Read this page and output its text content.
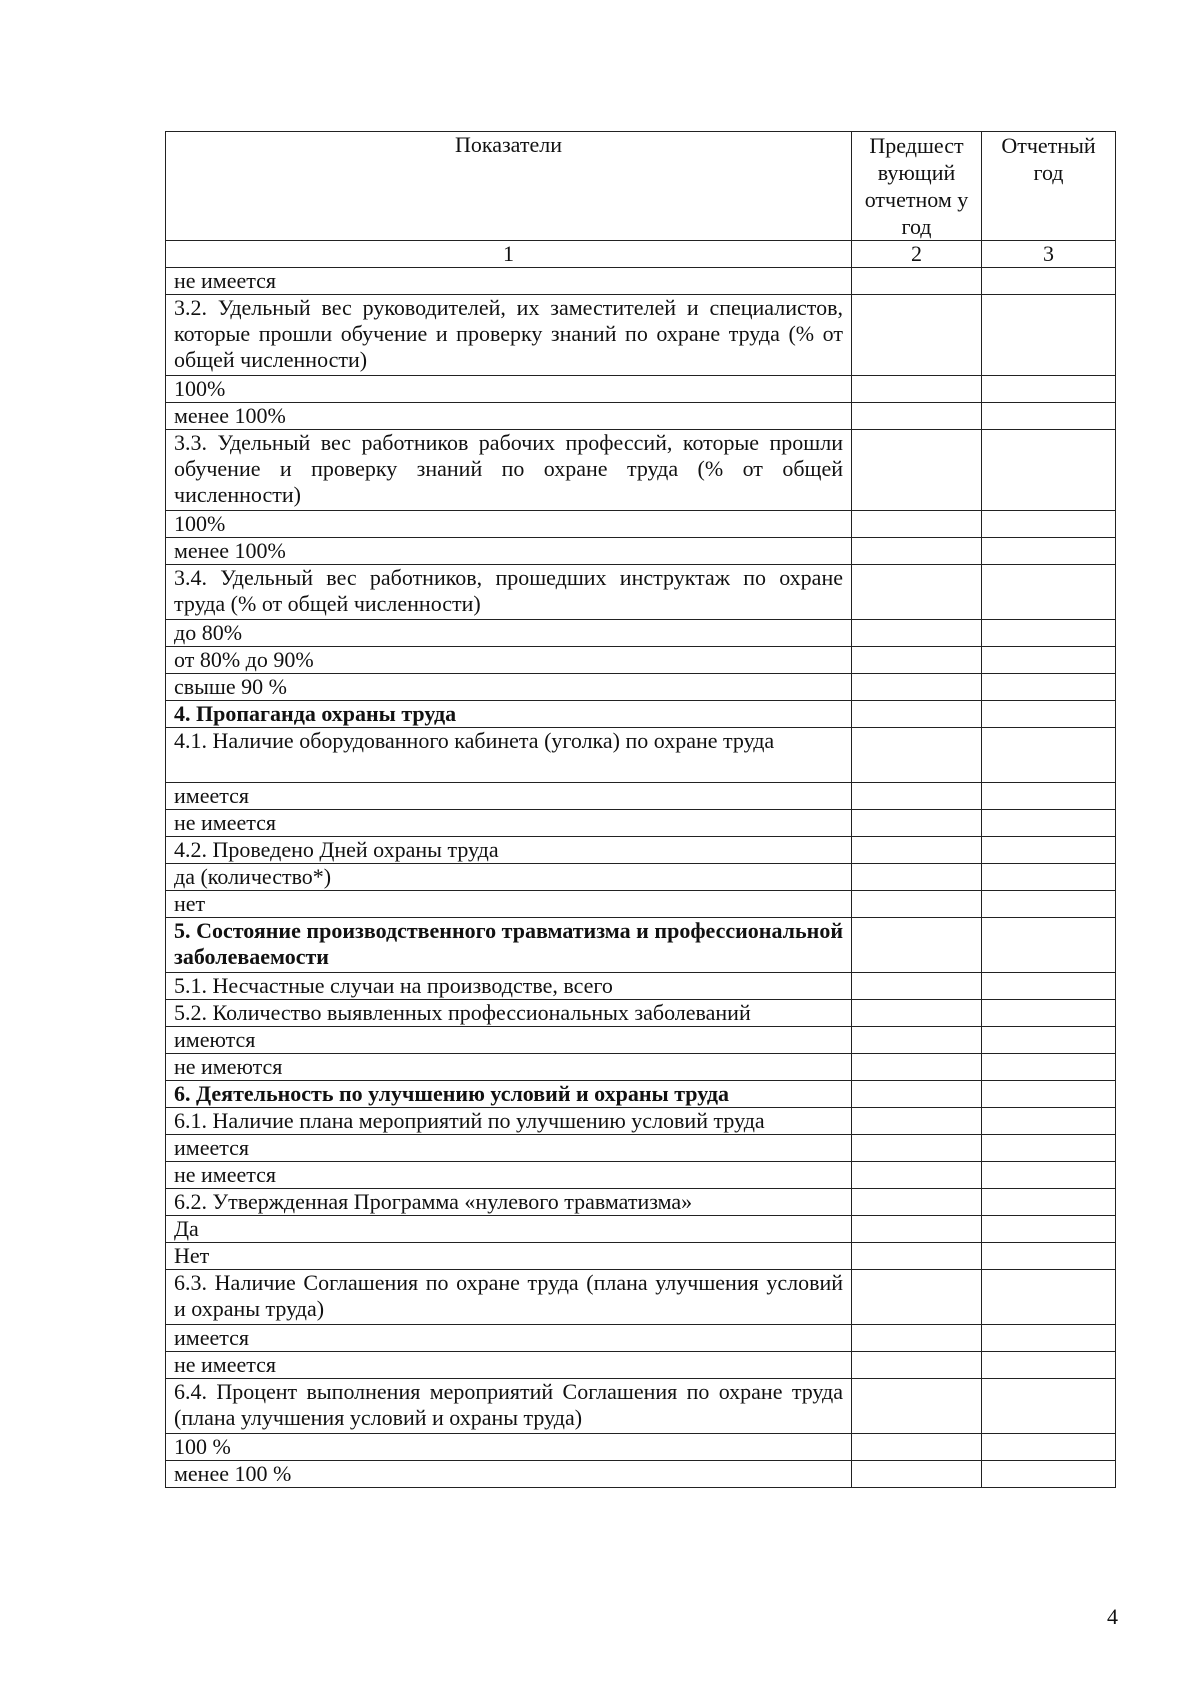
Показатели	Предшест вующий отчетном у год	Отчетный год
1	2	3
не имеется		
3.2. Удельный вес руководителей, их заместителей и специалистов, которые прошли обучение и проверку знаний по охране труда (% от общей численности)		
100%		
менее 100%		
3.3. Удельный вес работников рабочих профессий, которые прошли обучение и проверку знаний по охране труда (% от общей численности)		
100%		
менее 100%		
3.4. Удельный вес работников, прошедших инструктаж по охране труда (% от общей численности)		
до 80%		
от 80% до 90%		
свыше 90 %		
4. Пропаганда охраны труда		
4.1. Наличие оборудованного кабинета (уголка) по охране труда		
имеется		
не имеется		
4.2. Проведено Дней охраны труда		
да (количество*)		
нет		
5. Состояние производственного травматизма и профессиональной заболеваемости		
5.1. Несчастные случаи на производстве, всего		
5.2. Количество выявленных профессиональных заболеваний		
имеются		
не имеются		
6. Деятельность по улучшению условий и охраны труда		
6.1. Наличие плана мероприятий по улучшению условий труда		
имеется		
не имеется		
6.2. Утвержденная Программа «нулевого травматизма»		
Да		
Нет		
6.3. Наличие Соглашения по охране труда (плана улучшения условий и охраны труда)		
имеется		
не имеется		
6.4. Процент выполнения мероприятий Соглашения по охране труда (плана улучшения условий и охраны труда)		
100 %		
менее 100 %		
4
